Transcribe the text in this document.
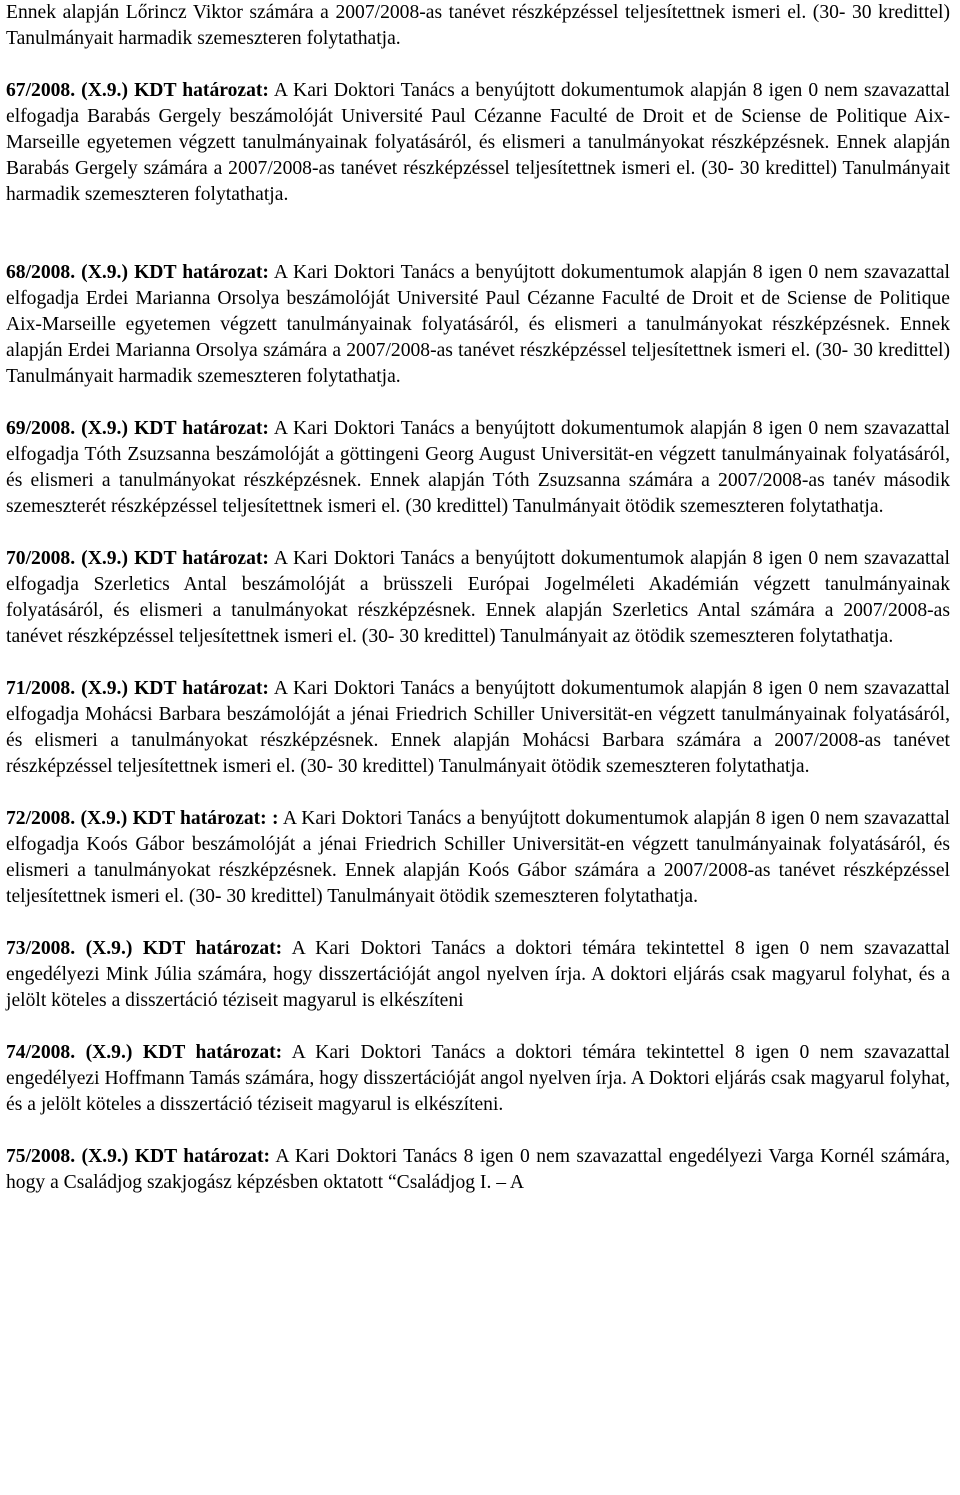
Ennek alapján Lőrincz Viktor számára a 2007/2008-as tanévet részképzéssel teljesítettnek ismeri el. (30- 30 kredittel) Tanulmányait harmadik szemeszteren folytathatja.

67/2008. (X.9.) KDT határozat: A Kari Doktori Tanács a benyújtott dokumentumok alapján 8 igen 0 nem szavazattal elfogadja Barabás Gergely beszámolóját Université Paul Cézanne Faculté de Droit et de Sciense de Politique Aix-Marseille egyetemen végzett tanulmányainak folyatásáról, és elismeri a tanulmányokat részképzésnek. Ennek alapján Barabás Gergely számára a 2007/2008-as tanévet részképzéssel teljesítettnek ismeri el. (30- 30 kredittel) Tanulmányait harmadik szemeszteren folytathatja.

68/2008. (X.9.) KDT határozat: A Kari Doktori Tanács a benyújtott dokumentumok alapján 8 igen 0 nem szavazattal elfogadja Erdei Marianna Orsolya beszámolóját Université Paul Cézanne Faculté de Droit et de Sciense de Politique Aix-Marseille egyetemen végzett tanulmányainak folyatásáról, és elismeri a tanulmányokat részképzésnek. Ennek alapján Erdei Marianna Orsolya számára a 2007/2008-as tanévet részképzéssel teljesítettnek ismeri el. (30- 30 kredittel) Tanulmányait harmadik szemeszteren folytathatja.

69/2008. (X.9.) KDT határozat: A Kari Doktori Tanács a benyújtott dokumentumok alapján 8 igen 0 nem szavazattal elfogadja Tóth Zsuzsanna beszámolóját a göttingeni Georg August Universität-en végzett tanulmányainak folyatásáról, és elismeri a tanulmányokat részképzésnek. Ennek alapján Tóth Zsuzsanna számára a 2007/2008-as tanév második szemeszterét részképzéssel teljesítettnek ismeri el. (30 kredittel) Tanulmányait ötödik szemeszteren folytathatja.

70/2008. (X.9.) KDT határozat: A Kari Doktori Tanács a benyújtott dokumentumok alapján 8 igen 0 nem szavazattal elfogadja Szerletics Antal beszámolóját a brüsszeli Európai Jogelméleti Akadémián végzett tanulmányainak folyatásáról, és elismeri a tanulmányokat részképzésnek. Ennek alapján Szerletics Antal számára a 2007/2008-as tanévet részképzéssel teljesítettnek ismeri el. (30- 30 kredittel) Tanulmányait az ötödik szemeszteren folytathatja.

71/2008. (X.9.) KDT határozat: A Kari Doktori Tanács a benyújtott dokumentumok alapján 8 igen 0 nem szavazattal elfogadja Mohácsi Barbara beszámolóját a jénai Friedrich Schiller Universität-en végzett tanulmányainak folyatásáról, és elismeri a tanulmányokat részképzésnek. Ennek alapján Mohácsi Barbara számára a 2007/2008-as tanévet részképzéssel teljesítettnek ismeri el. (30- 30 kredittel) Tanulmányait ötödik szemeszteren folytathatja.

72/2008. (X.9.) KDT határozat: : A Kari Doktori Tanács a benyújtott dokumentumok alapján 8 igen 0 nem szavazattal elfogadja Koós Gábor beszámolóját a jénai Friedrich Schiller Universität-en végzett tanulmányainak folyatásáról, és elismeri a tanulmányokat részképzésnek. Ennek alapján Koós Gábor számára a 2007/2008-as tanévet részképzéssel teljesítettnek ismeri el. (30- 30 kredittel) Tanulmányait ötödik szemeszteren folytathatja.

73/2008. (X.9.) KDT határozat: A Kari Doktori Tanács a doktori témára tekintettel 8 igen 0 nem szavazattal engedélyezi Mink Júlia számára, hogy disszertációját angol nyelven írja. A doktori eljárás csak magyarul folyhat, és a jelölt köteles a disszertáció téziseit magyarul is elkészíteni

74/2008. (X.9.) KDT határozat: A Kari Doktori Tanács a doktori témára tekintettel 8 igen 0 nem szavazattal engedélyezi Hoffmann Tamás számára, hogy disszertációját angol nyelven írja. A Doktori eljárás csak magyarul folyhat, és a jelölt köteles a disszertáció téziseit magyarul is elkészíteni.

75/2008. (X.9.) KDT határozat: A Kari Doktori Tanács 8 igen 0 nem szavazattal engedélyezi Varga Kornél számára, hogy a Családjog szakjogász képzésben oktatott “Családjog I. – A
